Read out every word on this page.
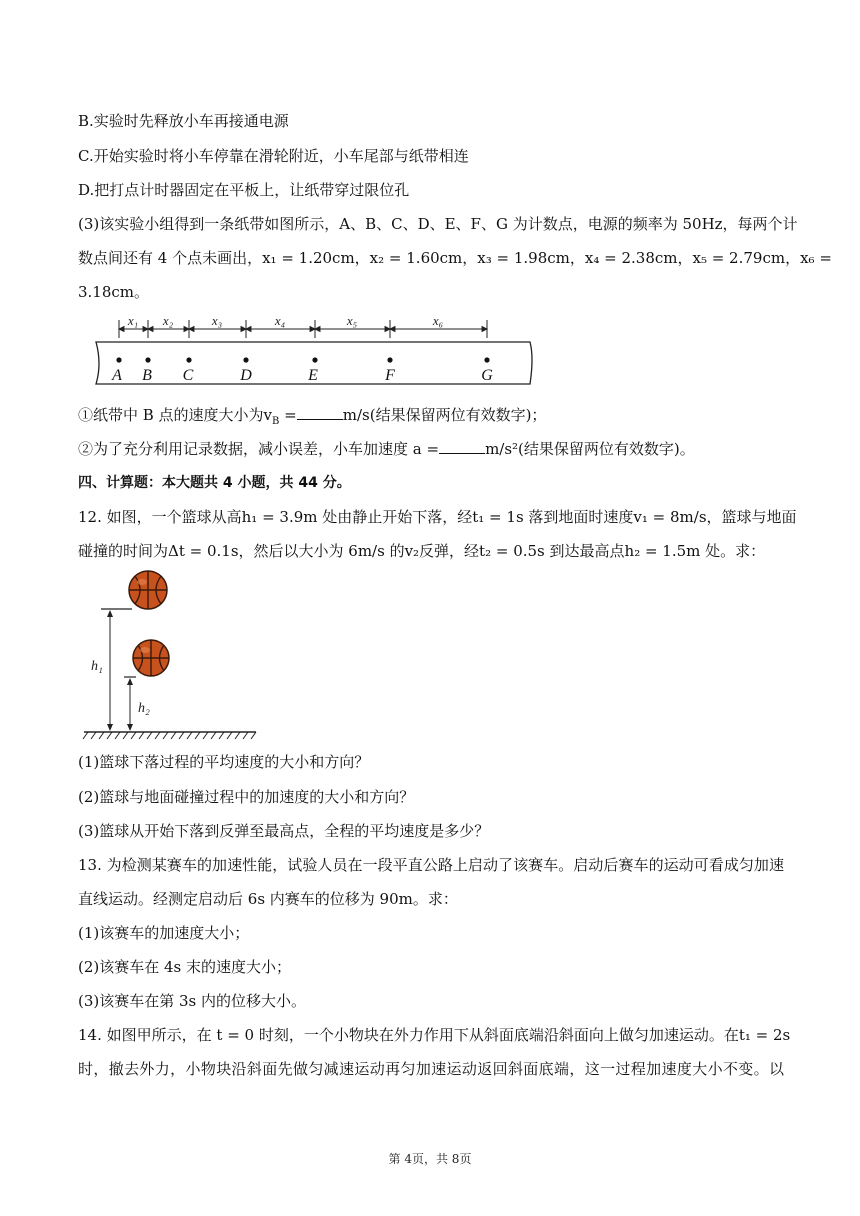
B.实验时先释放小车再接通电源
C.开始实验时将小车停靠在滑轮附近，小车尾部与纸带相连
D.把打点计时器固定在平板上，让纸带穿过限位孔
(3)该实验小组得到一条纸带如图所示，A、B、C、D、E、F、G 为计数点，电源的频率为 50Hz，每两个计
数点间还有 4 个点未画出，x₁ = 1.20cm，x₂ = 1.60cm，x₃ = 1.98cm，x₄ = 2.38cm，x₅ = 2.79cm，x₆ =
3.18cm。
x₁ x₂	x₃	x₄	x₅	x₆
A B C	D	E	F	G
①纸带中 B 点的速度大小为$v_B$ =	m/s(结果保留两位有效数字)；
②为了充分利用记录数据，减小误差，小车加速度 a =	m/s²(结果保留两位有效数字)。
四、计算题：本大题共 4 小题，共 44 分。
12. 如图，一个篮球从高h₁ = 3.9m 处由静止开始下落，经t₁ = 1s 落到地面时速度v₁ = 8m/s，篮球与地面
碰撞的时间为Δt = 0.1s，然后以大小为 6m/s 的v₂反弹，经t₂ = 0.5s 到达最高点h₂ = 1.5m 处。求：
h₁
h₂
(1)篮球下落过程的平均速度的大小和方向？
(2)篮球与地面碰撞过程中的加速度的大小和方向？
(3)篮球从开始下落到反弹至最高点，全程的平均速度是多少？
13. 为检测某赛车的加速性能，试验人员在一段平直公路上启动了该赛车。启动后赛车的运动可看成匀加速
直线运动。经测定启动后 6s 内赛车的位移为 90m。求：
(1)该赛车的加速度大小；
(2)该赛车在 4s 末的速度大小；
(3)该赛车在第 3s 内的位移大小。
14. 如图甲所示，在 t = 0 时刻，一个小物块在外力作用下从斜面底端沿斜面向上做匀加速运动。在t₁ = 2s
时，撤去外力，小物块沿斜面先做匀减速运动再匀加速运动返回斜面底端，这一过程加速度大小不变。以
第 4页，共 8页
